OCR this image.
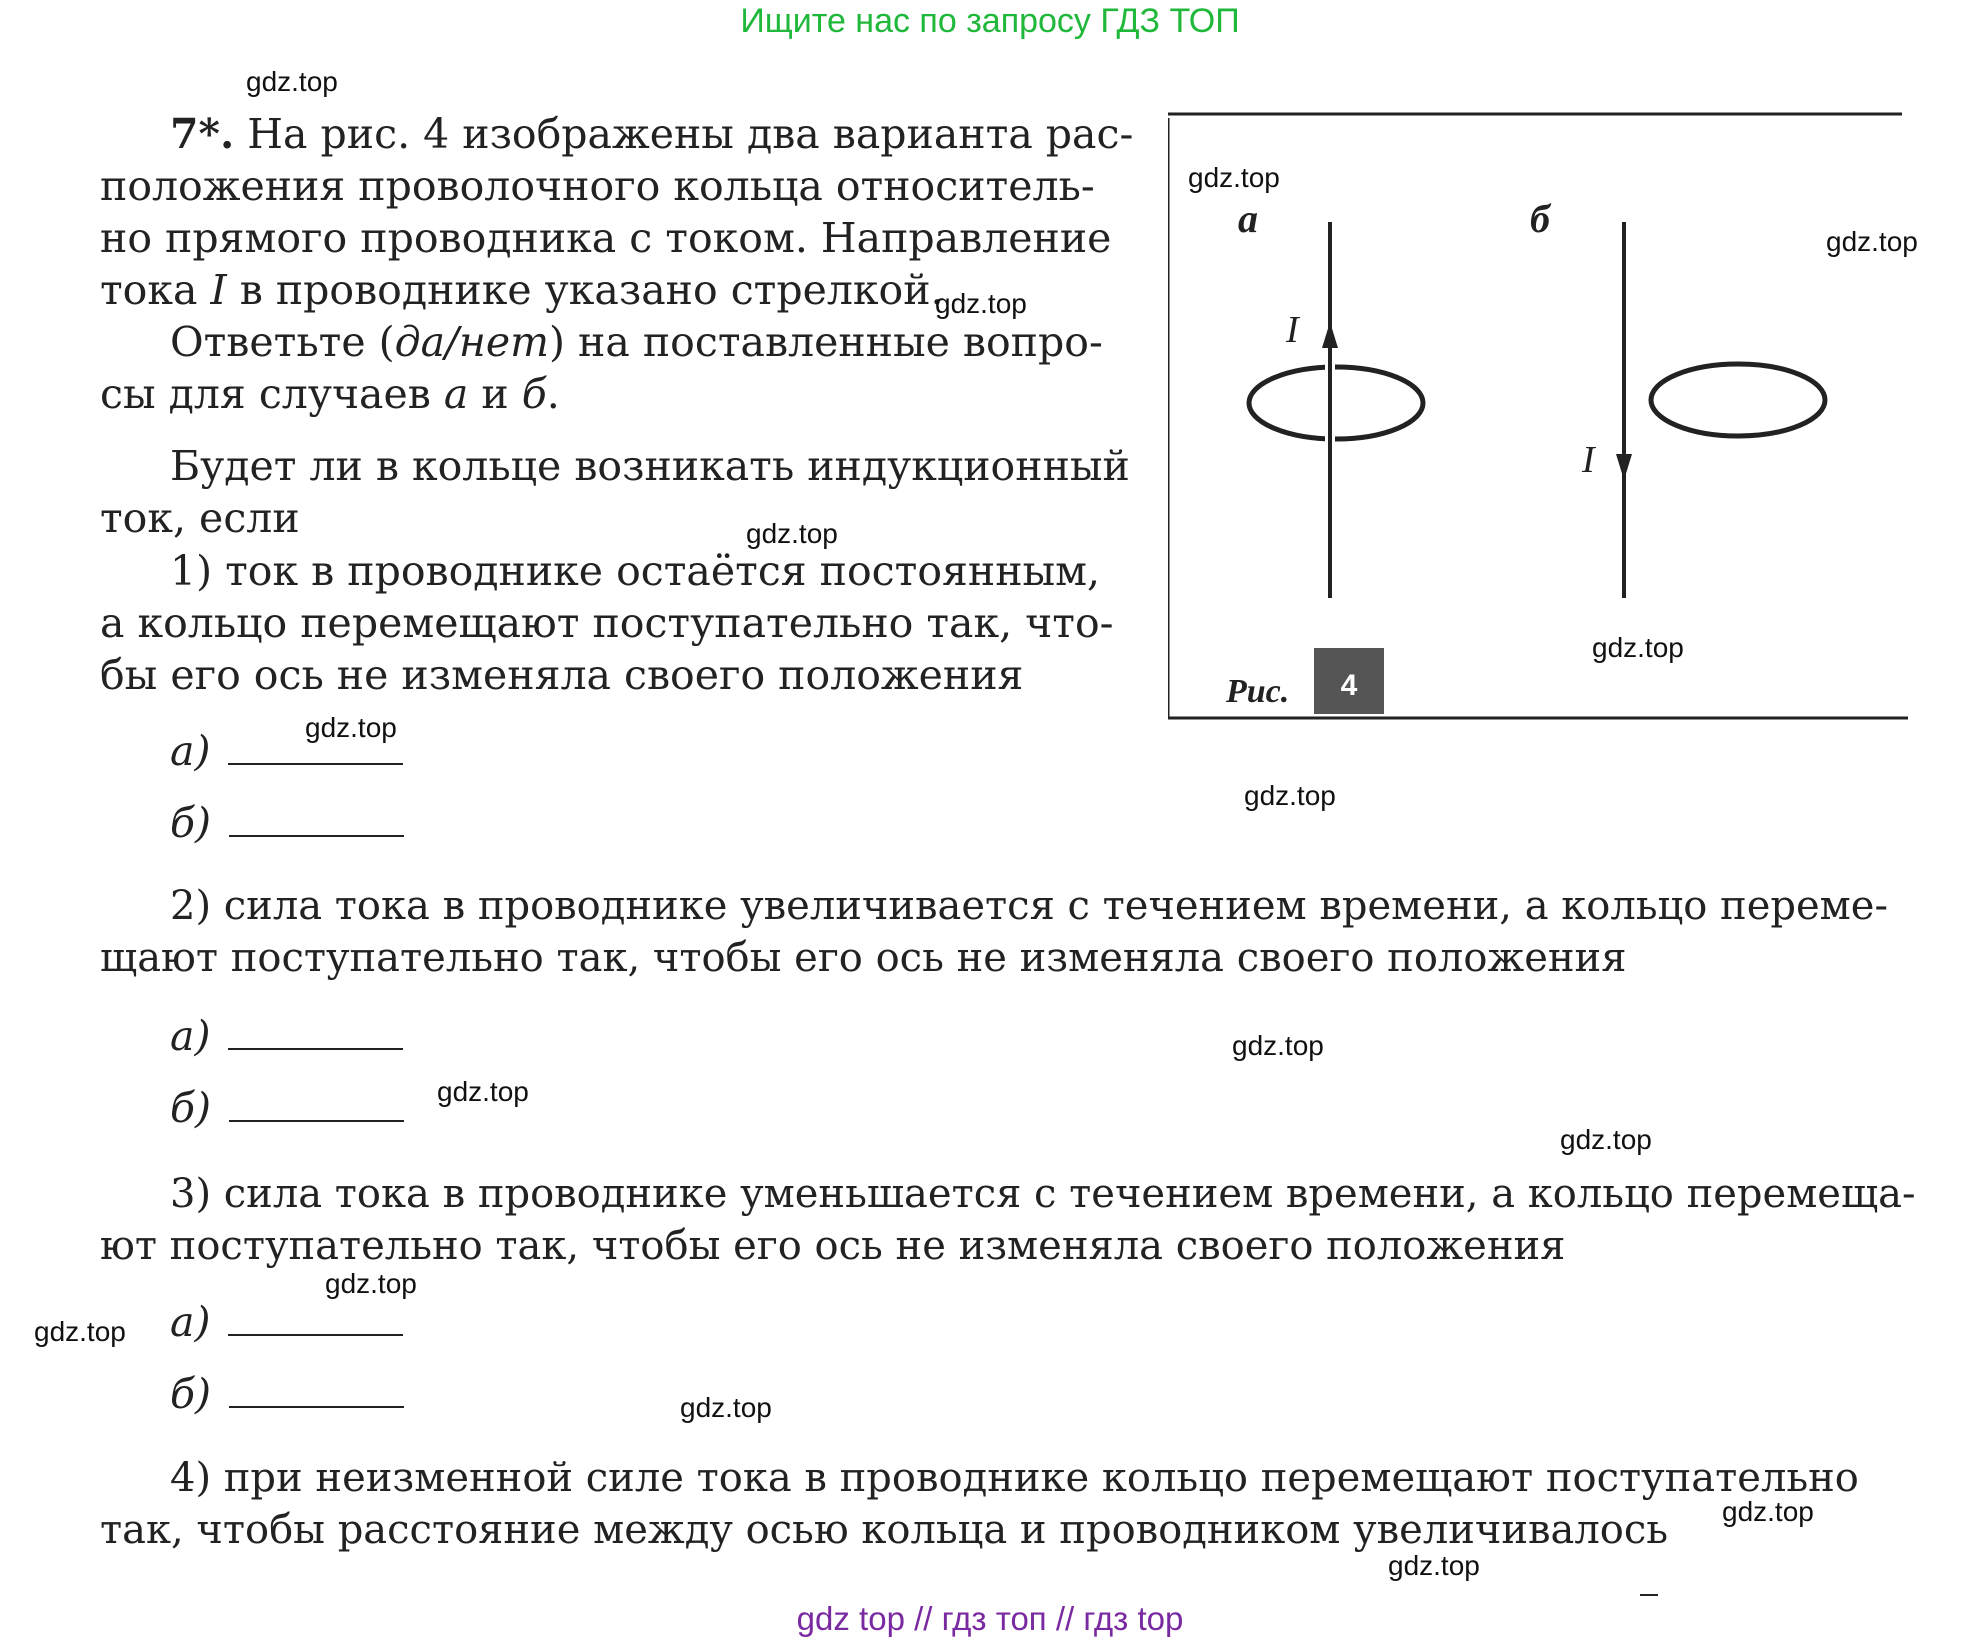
Ищите нас по запросу ГДЗ ТОП
7*. На рис. 4 изображены два варианта рас-
положения проволочного кольца относитель-
но прямого проводника с током. Направление
тока I в проводнике указано стрелкой.
Ответьте (да/нет) на поставленные вопро-
сы для случаев а и б.
Будет ли в кольце возникать индукционный
ток, если
1) ток в проводнике остаётся постоянным,
а кольцо перемещают поступательно так, что-
бы его ось не изменяла своего положения
а)
б)
2) сила тока в проводнике увеличивается с течением времени, а кольцо переме-
щают поступательно так, чтобы его ось не изменяла своего положения
а)
б)
3) сила тока в проводнике уменьшается с течением времени, а кольцо перемеща-
ют поступательно так, чтобы его ось не изменяла своего положения
а)
б)
4) при неизменной силе тока в проводнике кольцо перемещают поступательно
так, чтобы расстояние между осью кольца и проводником увеличивалось
а
I
б
I
Рис. 4
gdz.top
gdz.top
gdz.top
gdz.top
gdz.top
gdz.top
gdz.top
gdz.top
gdz.top
gdz.top
gdz.top
gdz.top
gdz.top
gdz.top
gdz.top
gdz.top
gdz top // гдз топ // гдз top
